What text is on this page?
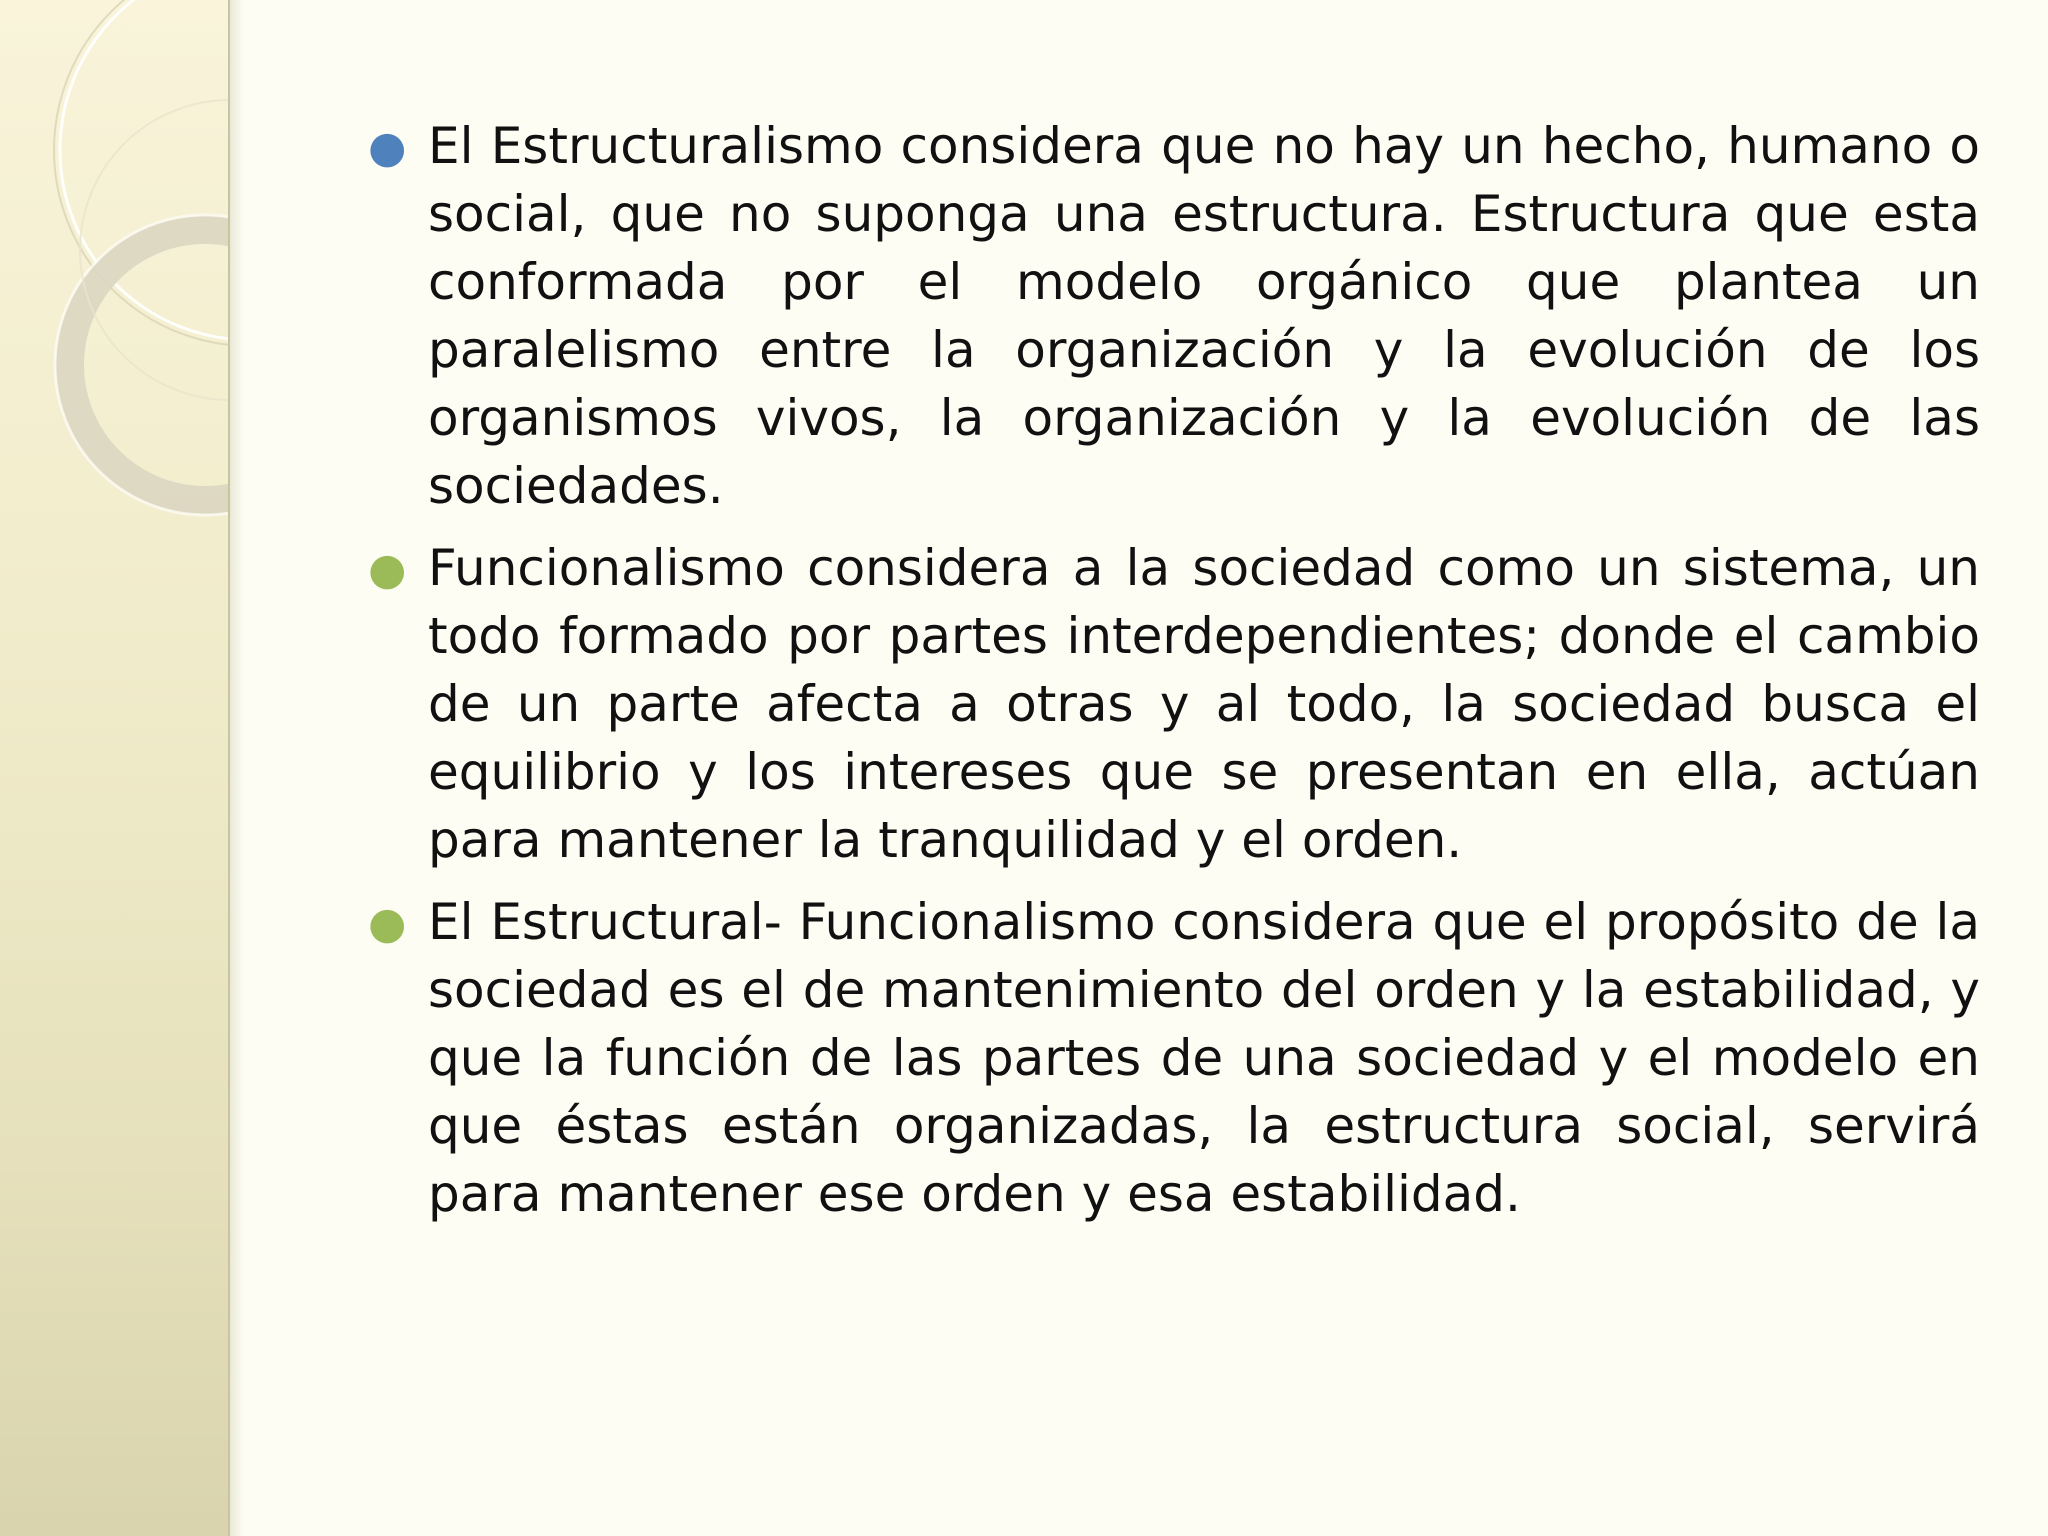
● El Estructuralismo considera que no hay un hecho, humano o social, que no suponga una estructura. Estructura que esta conformada por el modelo orgánico que plantea un paralelismo entre la organización y la evolución de los organismos vivos, la organización y la evolución de las sociedades.
● Funcionalismo considera a la sociedad como un sistema, un todo formado por partes interdependientes; donde el cambio de un parte afecta a otras y al todo, la sociedad busca el equilibrio y los intereses que se presentan en ella, actúan para mantener la tranquilidad y el orden.
● El Estructural- Funcionalismo considera que el propósito de la sociedad es el de mantenimiento del orden y la estabilidad, y que la función de las partes de una sociedad y el modelo en que éstas están organizadas, la estructura social, servirá para mantener ese orden y esa estabilidad.
